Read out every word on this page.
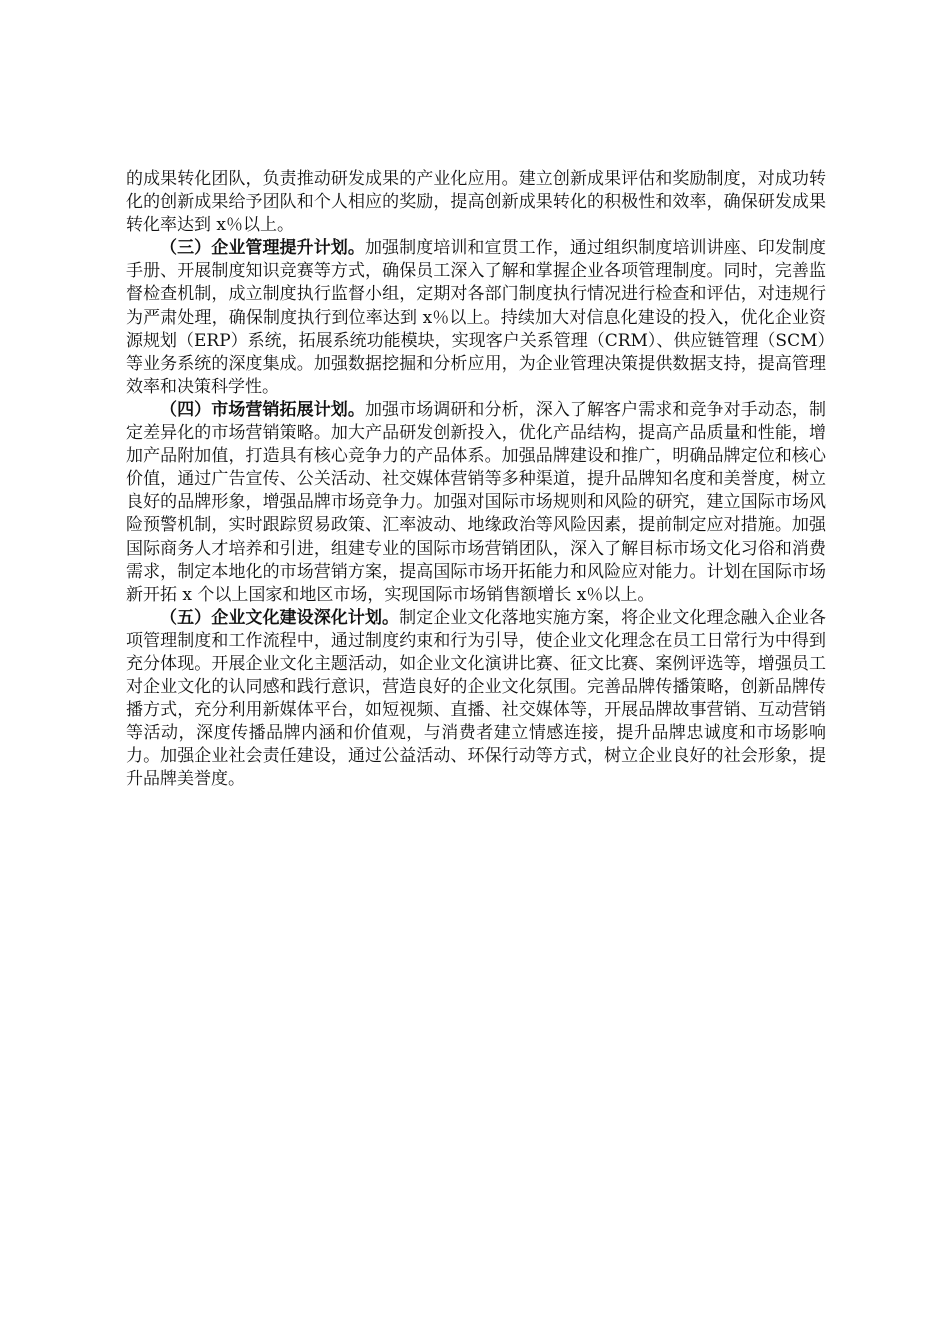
的成果转化团队，负责推动研发成果的产业化应用。建立创新成果评估和奖励制度，对成功转化的创新成果给予团队和个人相应的奖励，提高创新成果转化的积极性和效率，确保研发成果转化率达到 x％以上。

（三）企业管理提升计划。加强制度培训和宣贯工作，通过组织制度培训讲座、印发制度手册、开展制度知识竞赛等方式，确保员工深入了解和掌握企业各项管理制度。同时，完善监督检查机制，成立制度执行监督小组，定期对各部门制度执行情况进行检查和评估，对违规行为严肃处理，确保制度执行到位率达到 x％以上。持续加大对信息化建设的投入，优化企业资源规划（ERP）系统，拓展系统功能模块，实现客户关系管理（CRM）、供应链管理（SCM）等业务系统的深度集成。加强数据挖掘和分析应用，为企业管理决策提供数据支持，提高管理效率和决策科学性。

（四）市场营销拓展计划。加强市场调研和分析，深入了解客户需求和竞争对手动态，制定差异化的市场营销策略。加大产品研发创新投入，优化产品结构，提高产品质量和性能，增加产品附加值，打造具有核心竞争力的产品体系。加强品牌建设和推广，明确品牌定位和核心价值，通过广告宣传、公关活动、社交媒体营销等多种渠道，提升品牌知名度和美誉度，树立良好的品牌形象，增强品牌市场竞争力。加强对国际市场规则和风险的研究，建立国际市场风险预警机制，实时跟踪贸易政策、汇率波动、地缘政治等风险因素，提前制定应对措施。加强国际商务人才培养和引进，组建专业的国际市场营销团队，深入了解目标市场文化习俗和消费需求，制定本地化的市场营销方案，提高国际市场开拓能力和风险应对能力。计划在国际市场新开拓 x 个以上国家和地区市场，实现国际市场销售额增长 x％以上。

（五）企业文化建设深化计划。制定企业文化落地实施方案，将企业文化理念融入企业各项管理制度和工作流程中，通过制度约束和行为引导，使企业文化理念在员工日常行为中得到充分体现。开展企业文化主题活动，如企业文化演讲比赛、征文比赛、案例评选等，增强员工对企业文化的认同感和践行意识，营造良好的企业文化氛围。完善品牌传播策略，创新品牌传播方式，充分利用新媒体平台，如短视频、直播、社交媒体等，开展品牌故事营销、互动营销等活动，深度传播品牌内涵和价值观，与消费者建立情感连接，提升品牌忠诚度和市场影响力。加强企业社会责任建设，通过公益活动、环保行动等方式，树立企业良好的社会形象，提升品牌美誉度。
